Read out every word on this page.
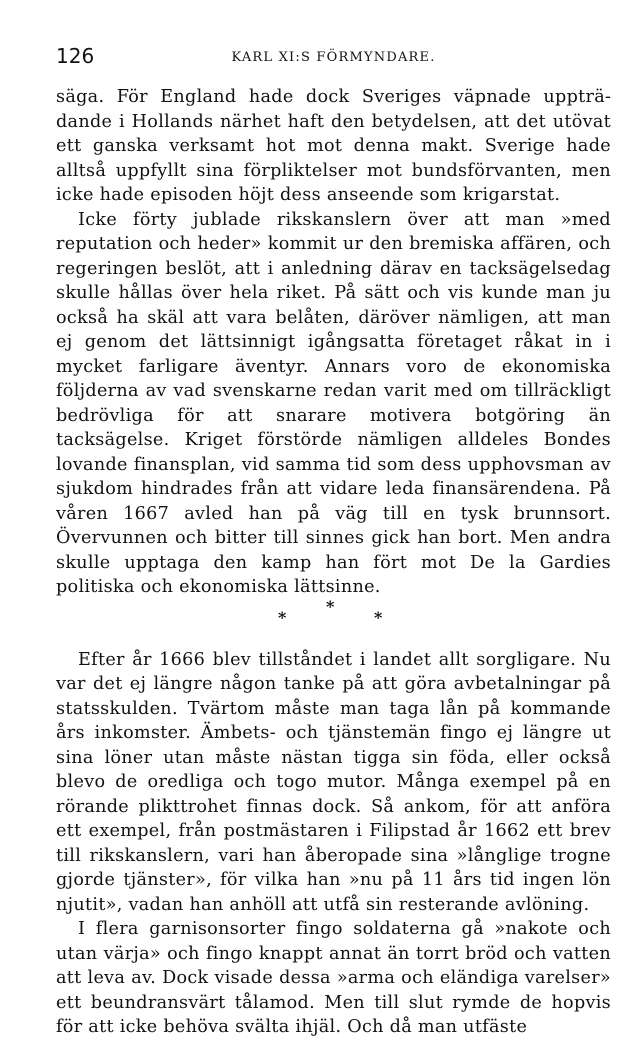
126	KARL XI:S FÖRMYNDARE.

säga. För England hade dock Sveriges väpnade uppträdande i Hollands närhet haft den betydelsen, att det utövat ett ganska verksamt hot mot denna makt. Sverige hade alltså uppfyllt sina förpliktelser mot bundsförvanten, men icke hade episoden höjt dess anseende som krigarstat.

Icke förty jublade rikskanslern över att man »med reputation och heder» kommit ur den bremiska affären, och regeringen beslöt, att i anledning därav en tacksägelsedag skulle hållas över hela riket. På sätt och vis kunde man ju också ha skäl att vara belåten, däröver nämligen, att man ej genom det lättsinnigt igångsatta företaget råkat in i mycket farligare äventyr. Annars voro de ekonomiska följderna av vad svenskarne redan varit med om tillräckligt bedrövliga för att snarare motivera botgöring än tacksägelse. Kriget förstörde nämligen alldeles Bondes lovande finansplan, vid samma tid som dess upphovsman av sjukdom hindrades från att vidare leda finansärendena. På våren 1667 avled han på väg till en tysk brunnsort. Övervunnen och bitter till sinnes gick han bort. Men andra skulle upptaga den kamp han fört mot De la Gardies politiska och ekonomiska lättsinne.

*
*
*

Efter år 1666 blev tillståndet i landet allt sorgligare. Nu var det ej längre någon tanke på att göra avbetalningar på statsskulden. Tvärtom måste man taga lån på kommande års inkomster. Ämbets- och tjänstemän fingo ej längre ut sina löner utan måste nästan tigga sin föda, eller också blevo de oredliga och togo mutor. Många exempel på en rörande plikttrohet finnas dock. Så ankom, för att anföra ett exempel, från postmästaren i Filipstad år 1662 ett brev till rikskanslern, vari han åberopade sina »långlige trogne gjorde tjänster», för vilka han »nu på 11 års tid ingen lön njutit», vadan han anhöll att utfå sin resterande avlöning.

I flera garnisonsorter fingo soldaterna gå »nakote och utan värja» och fingo knappt annat än torrt bröd och vatten att leva av. Dock visade dessa »arma och eländiga varelser» ett beundransvärt tålamod. Men till slut rymde de hopvis för att icke behöva svälta ihjäl. Och då man utfäste
